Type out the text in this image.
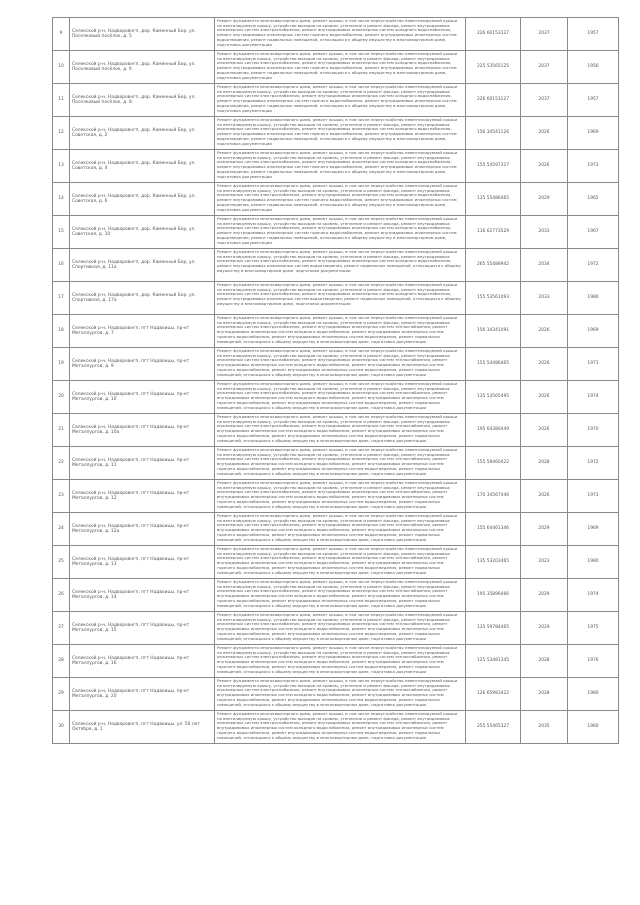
9	Селекской р-н, Надворовнгп, дор. Каменный Бор, ул. Поселковый посёлок, д. 5	Ремонт фундамента многоквартирного дома, ремонт крыши, в том числе переустройство невентилируемой крыши на вентилируемую крышу, устройство выходов на кровлю, утепление и ремонт фасада, ремонт внутридомовых инженерных систем электроснабжения, ремонт внутридомовых инженерных систем холодного водоснабжения, ремонт внутридомовых инженерных систем горячего водоснабжения, ремонт внутридомовых инженерных систем водоотведения, ремонт подвальных помещений, относящихся к общему имуществу в многоквартирном доме, подготовка документации	226 60153127	2037	1957
10	Селекской р-н, Надворовнгп, дор. Каменный Бор, ул. Поселковый посёлок, д. 6	Ремонт фундамента многоквартирного дома, ремонт крыши, в том числе переустройство невентилируемой крыши на вентилируемую крышу, устройство выходов на кровлю, утепление и ремонт фасада, ремонт внутридомовых инженерных систем электроснабжения, ремонт внутридомовых инженерных систем холодного водоснабжения, ремонт внутридомовых инженерных систем горячего водоснабжения, ремонт внутридомовых инженерных систем водоотведения, ремонт подвальных помещений, относящихся к общему имуществу в многоквартирном доме, подготовка документации	225 53565125	2037	1956
11	Селекской р-н, Надворовнгп, дор. Каменный Бор, ул. Поселковый посёлок, д. 8	Ремонт фундамента многоквартирного дома, ремонт крыши, в том числе переустройство невентилируемой крыши на вентилируемую крышу, устройство выходов на кровлю, утепление и ремонт фасада, ремонт внутридомовых инженерных систем электроснабжения, ремонт внутридомовых инженерных систем холодного водоснабжения, ремонт внутридомовых инженерных систем горячего водоснабжения, ремонт внутридомовых инженерных систем водоотведения, ремонт подвальных помещений, относящихся к общему имуществу в многоквартирном доме, подготовка документации	226 60153127	2037	1957
12	Селекской р-н, Надворовнгп, дор. Каменный Бор, ул. Советская, д. 2	Ремонт фундамента многоквартирного дома, ремонт крыши, в том числе переустройство невентилируемой крыши на вентилируемую крышу, устройство выходов на кровлю, утепление и ремонт фасада, ремонт внутридомовых инженерных систем электроснабжения, ремонт внутридомовых инженерных систем холодного водоснабжения, ремонт внутридомовых инженерных систем горячего водоснабжения, ремонт внутридомовых инженерных систем водоотведения, ремонт подвальных помещений, относящихся к общему имуществу в многоквартирном доме, подготовка документации	156 34541126	2026	1969
13	Селекской р-н, Надворовнгп, дор. Каменный Бор, ул. Советская, д. 4	Ремонт фундамента многоквартирного дома, ремонт крыши, в том числе переустройство невентилируемой крыши на вентилируемую крышу, устройство выходов на кровлю, утепление и ремонт фасада, ремонт внутридомовых инженерных систем электроснабжения, ремонт внутридомовых инженерных систем холодного водоснабжения, ремонт внутридомовых инженерных систем горячего водоснабжения, ремонт внутридомовых инженерных систем водоотведения, ремонт подвальных помещений, относящихся к общему имуществу в многоквартирном доме, подготовка документации	155 54597327	2026	1973
14	Селекской р-н, Надворовнгп, дор. Каменный Бор, ул. Советская, д. 6	Ремонт фундамента многоквартирного дома, ремонт крыши, в том числе переустройство невентилируемой крыши на вентилируемую крышу, устройство выходов на кровлю, утепление и ремонт фасада, ремонт внутридомовых инженерных систем электроснабжения, ремонт внутридомовых инженерных систем холодного водоснабжения, ремонт внутридомовых инженерных систем горячего водоснабжения, ремонт внутридомовых инженерных систем водоотведения, ремонт подвальных помещений, относящихся к общему имуществу в многоквартирном доме, подготовка документации	135 55486465	2029	1965
15	Селекской р-н, Надворовнгп, дор. Каменный Бор, ул. Советская, д. 10	Ремонт фундамента многоквартирного дома, ремонт крыши, в том числе переустройство невентилируемой крыши на вентилируемую крышу, устройство выходов на кровлю, утепление и ремонт фасада, ремонт внутридомовых инженерных систем электроснабжения, ремонт внутридомовых инженерных систем холодного водоснабжения, ремонт внутридомовых инженерных систем горячего водоснабжения, ремонт внутридомовых инженерных систем водоотведения, ремонт подвальных помещений, относящихся к общему имуществу в многоквартирном доме, подготовка документации	116 62773529	2033	1967
16	Селекской р-н, Надворовнгп, дор. Каменный Бор, ул. Спортивная, д. 11а	Ремонт фундамента многоквартирного дома, ремонт крыши, в том числе переустройство невентилируемой крыши на вентилируемую крышу, устройство выходов на кровлю, утепление и ремонт фасада, ремонт внутридомовых инженерных систем электроснабжения, ремонт внутридомовых инженерных систем холодного водоснабжения, ремонт внутридомовых инженерных систем водоотведения, ремонт подвальных помещений, относящихся к общему имуществу в многоквартирном доме, подготовка документации	265 55488942	2034	1972
17	Селекской р-н, Надворовнгп, дор. Каменный Бор, ул. Спортивная, д. 17а	Ремонт фундамента многоквартирного дома, ремонт крыши, в том числе переустройство невентилируемой крыши на вентилируемую крышу, устройство выходов на кровлю, утепление и ремонт фасада, ремонт внутридомовых инженерных систем электроснабжения, ремонт внутридомовых инженерных систем холодного водоснабжения, ремонт внутридомовых инженерных систем водоотведения, ремонт подвальных помещений, относящихся к общему имуществу в многоквартирном доме, подготовка документации	155 53561093	2033	1986
18	Селекской р-н, Надворовнгп, пгт Надвоицы, пр-кт Металлургов, д. 7	Ремонт фундамента многоквартирного дома, ремонт крыши, в том числе переустройство невентилируемой крыши на вентилируемую крышу, устройство выходов на кровлю, утепление и ремонт фасада, ремонт внутридомовых инженерных систем электроснабжения, ремонт внутридомовых инженерных систем теплоснабжения, ремонт внутридомовых инженерных систем холодного водоснабжения, ремонт внутридомовых инженерных систем горячего водоснабжения, ремонт внутридомовых инженерных систем водоотведения, ремонт подвальных помещений, относящихся к общему имуществу в многоквартирном доме, подготовка документации	156 34341091	2026	1969
19	Селекской р-н, Надворовнгп, пгт Надвоицы, пр-кт Металлургов, д. 9	Ремонт фундамента многоквартирного дома, ремонт крыши, в том числе переустройство невентилируемой крыши на вентилируемую крышу, устройство выходов на кровлю, утепление и ремонт фасада, ремонт внутридомовых инженерных систем электроснабжения, ремонт внутридомовых инженерных систем теплоснабжения, ремонт внутридомовых инженерных систем холодного водоснабжения, ремонт внутридомовых инженерных систем горячего водоснабжения, ремонт внутридомовых инженерных систем водоотведения, ремонт подвальных помещений, относящихся к общему имуществу в многоквартирном доме, подготовка документации	155 54486465	2026	1971
20	Селекской р-н, Надворовнгп, пгт Надвоицы, пр-кт Металлургов, д. 10	Ремонт фундамента многоквартирного дома, ремонт крыши, в том числе переустройство невентилируемой крыши на вентилируемую крышу, устройство выходов на кровлю, утепление и ремонт фасада, ремонт внутридомовых инженерных систем электроснабжения, ремонт внутридомовых инженерных систем теплоснабжения, ремонт внутридомовых инженерных систем холодного водоснабжения, ремонт внутридомовых инженерных систем горячего водоснабжения, ремонт внутридомовых инженерных систем водоотведения, ремонт подвальных помещений, относящихся к общему имуществу в многоквартирном доме, подготовка документации	135 53565495	2026	1974
21	Селекской р-н, Надворовнгп, пгт Надвоицы, пр-кт Металлургов, д. 10а	Ремонт фундамента многоквартирного дома, ремонт крыши, в том числе переустройство невентилируемой крыши на вентилируемую крышу, устройство выходов на кровлю, утепление и ремонт фасада, ремонт внутридомовых инженерных систем электроснабжения, ремонт внутридомовых инженерных систем теплоснабжения, ремонт внутридомовых инженерных систем холодного водоснабжения, ремонт внутридомовых инженерных систем горячего водоснабжения, ремонт внутридомовых инженерных систем водоотведения, ремонт подвальных помещений, относящихся к общему имуществу в многоквартирном доме, подготовка документации	195 64380449	2026	1970
22	Селекской р-н, Надворовнгп, пгт Надвоицы, пр-кт Металлургов, д. 11	Ремонт фундамента многоквартирного дома, ремонт крыши, в том числе переустройство невентилируемой крыши на вентилируемую крышу, устройство выходов на кровлю, утепление и ремонт фасада, ремонт внутридомовых инженерных систем электроснабжения, ремонт внутридомовых инженерных систем теплоснабжения, ремонт внутридомовых инженерных систем холодного водоснабжения, ремонт внутридомовых инженерных систем горячего водоснабжения, ремонт внутридомовых инженерных систем водоотведения, ремонт подвальных помещений, относящихся к общему имуществу в многоквартирном доме, подготовка документации	155 59460422	2028	1972
23	Селекской р-н, Надворовнгп, пгт Надвоицы, пр-кт Металлургов, д. 12	Ремонт фундамента многоквартирного дома, ремонт крыши, в том числе переустройство невентилируемой крыши на вентилируемую крышу, устройство выходов на кровлю, утепление и ремонт фасада, ремонт внутридомовых инженерных систем электроснабжения, ремонт внутридомовых инженерных систем теплоснабжения, ремонт внутридомовых инженерных систем холодного водоснабжения, ремонт внутридомовых инженерных систем горячего водоснабжения, ремонт внутридомовых инженерных систем водоотведения, ремонт подвальных помещений, относящихся к общему имуществу в многоквартирном доме, подготовка документации	170 34567446	2026	1973
24	Селекской р-н, Надворовнгп, пгт Надвоицы, пр-кт Металлургов, д. 12а	Ремонт фундамента многоквартирного дома, ремонт крыши, в том числе переустройство невентилируемой крыши на вентилируемую крышу, устройство выходов на кровлю, утепление и ремонт фасада, ремонт внутридомовых инженерных систем электроснабжения, ремонт внутридомовых инженерных систем теплоснабжения, ремонт внутридомовых инженерных систем холодного водоснабжения, ремонт внутридомовых инженерных систем горячего водоснабжения, ремонт внутридомовых инженерных систем водоотведения, ремонт подвальных помещений, относящихся к общему имуществу в многоквартирном доме, подготовка документации	155 64461346	2029	1969
25	Селекской р-н, Надворовнгп, пгт Надвоицы, пр-кт Металлургов, д. 13	Ремонт фундамента многоквартирного дома, ремонт крыши, в том числе переустройство невентилируемой крыши на вентилируемую крышу, устройство выходов на кровлю, утепление и ремонт фасада, ремонт внутридомовых инженерных систем электроснабжения, ремонт внутридомовых инженерных систем теплоснабжения, ремонт внутридомовых инженерных систем холодного водоснабжения, ремонт внутридомовых инженерных систем горячего водоснабжения, ремонт внутридомовых инженерных систем водоотведения, ремонт подвальных помещений, относящихся к общему имуществу в многоквартирном доме, подготовка документации	135 53203465	2023	1980
26	Селекской р-н, Надворовнгп, пгт Надвоицы, пр-кт Металлургов, д. 14	Ремонт фундамента многоквартирного дома, ремонт крыши, в том числе переустройство невентилируемой крыши на вентилируемую крышу, устройство выходов на кровлю, утепление и ремонт фасада, ремонт внутридомовых инженерных систем электроснабжения, ремонт внутридомовых инженерных систем теплоснабжения, ремонт внутридомовых инженерных систем холодного водоснабжения, ремонт внутридомовых инженерных систем горячего водоснабжения, ремонт внутридомовых инженерных систем водоотведения, ремонт подвальных помещений, относящихся к общему имуществу в многоквартирном доме, подготовка документации	195 35896466	2029	1974
27	Селекской р-н, Надворовнгп, пгт Надвоицы, пр-кт Металлургов, д. 15	Ремонт фундамента многоквартирного дома, ремонт крыши, в том числе переустройство невентилируемой крыши на вентилируемую крышу, устройство выходов на кровлю, утепление и ремонт фасада, ремонт внутридомовых инженерных систем электроснабжения, ремонт внутридомовых инженерных систем теплоснабжения, ремонт внутридомовых инженерных систем холодного водоснабжения, ремонт внутридомовых инженерных систем горячего водоснабжения, ремонт внутридомовых инженерных систем водоотведения, ремонт подвальных помещений, относящихся к общему имуществу в многоквартирном доме, подготовка документации	135 59784465	2029	1975
28	Селекской р-н, Надворовнгп, пгт Надвоицы, пр-кт Металлургов, д. 16	Ремонт фундамента многоквартирного дома, ремонт крыши, в том числе переустройство невентилируемой крыши на вентилируемую крышу, устройство выходов на кровлю, утепление и ремонт фасада, ремонт внутридомовых инженерных систем электроснабжения, ремонт внутридомовых инженерных систем теплоснабжения, ремонт внутридомовых инженерных систем холодного водоснабжения, ремонт внутридомовых инженерных систем горячего водоснабжения, ремонт внутридомовых инженерных систем водоотведения, ремонт подвальных помещений, относящихся к общему имуществу в многоквартирном доме, подготовка документации	125 53481345	2028	1976
29	Селекской р-н, Надворовнгп, пгт Надвоицы, пр-кт Металлургов, д. 20	Ремонт фундамента многоквартирного дома, ремонт крыши, в том числе переустройство невентилируемой крыши на вентилируемую крышу, устройство выходов на кровлю, утепление и ремонт фасада, ремонт внутридомовых инженерных систем электроснабжения, ремонт внутридомовых инженерных систем теплоснабжения, ремонт внутридомовых инженерных систем холодного водоснабжения, ремонт внутридомовых инженерных систем горячего водоснабжения, ремонт внутридомовых инженерных систем водоотведения, ремонт подвальных помещений, относящихся к общему имуществу в многоквартирном доме, подготовка документации	126 65983422	2028	1980
30	Селекской р-н, Надворовнгп, пгт Надвоицы, ул. 50 лет Октября, д. 1	Ремонт фундамента многоквартирного дома, ремонт крыши, в том числе переустройство невентилируемой крыши на вентилируемую крышу, устройство выходов на кровлю, утепление и ремонт фасада, ремонт внутридомовых инженерных систем электроснабжения, ремонт внутридомовых инженерных систем теплоснабжения, ремонт внутридомовых инженерных систем холодного водоснабжения, ремонт внутридомовых инженерных систем горячего водоснабжения, ремонт внутридомовых инженерных систем водоотведения, ремонт подвальных помещений, относящихся к общему имуществу в многоквартирном доме, подготовка документации	255 55465327	2035	1960
